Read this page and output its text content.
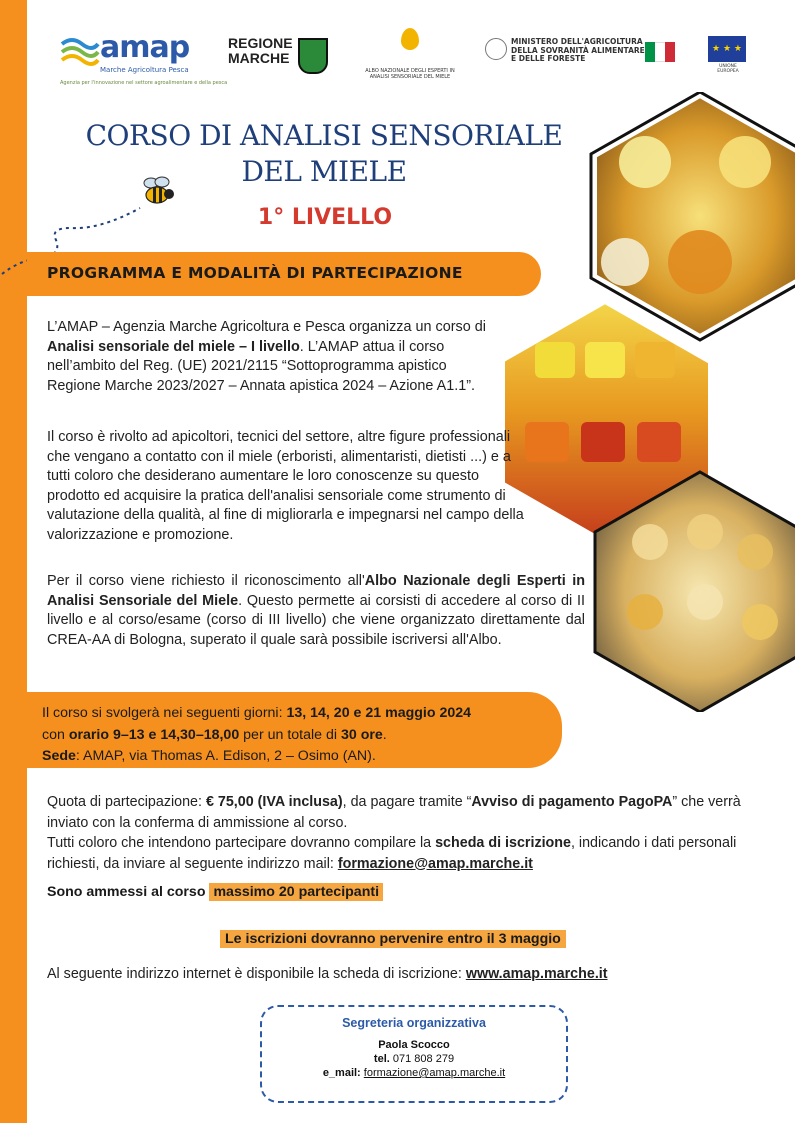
amap
Marche Agricoltura Pesca
Agenzia per l'innovazione nel settore agroalimentare e della pesca
REGIONE
MARCHE
ALBO NAZIONALE DEGLI ESPERTI IN ANALISI SENSORIALE DEL MIELE
MINISTERO DELL'AGRICOLTURA
DELLA SOVRANITÀ ALIMENTARE
E DELLE FORESTE
★ ★ ★
UNIONE EUROPEA
CORSO DI ANALISI SENSORIALE
DEL MIELE
1° LIVELLO
PROGRAMMA E MODALITÀ DI PARTECIPAZIONE
L’AMAP – Agenzia Marche Agricoltura e Pesca organizza un corso di Analisi sensoriale del miele – I livello. L’AMAP attua il corso nell’ambito del Reg. (UE) 2021/2115 “Sottoprogramma apistico Regione Marche 2023/2027 – Annata apistica 2024 – Azione A1.1”.
Il corso è rivolto ad apicoltori, tecnici del settore, altre figure professionali che vengano a contatto con il miele (erboristi, alimentaristi, dietisti ...) e a tutti coloro che desiderano aumentare le loro conoscenze su questo prodotto ed acquisire la pratica dell'analisi sensoriale come strumento di valutazione della qualità, al fine di migliorarla e impegnarsi nel campo della valorizzazione e promozione.
Per il corso viene richiesto il riconoscimento all'Albo Nazionale degli Esperti in Analisi Sensoriale del Miele. Questo permette ai corsisti di accedere al corso di II livello e al corso/esame (corso di III livello) che viene organizzato direttamente dal CREA-AA di Bologna, superato il quale sarà possibile iscriversi all'Albo.
Il corso si svolgerà nei seguenti giorni: 13, 14, 20 e 21 maggio 2024
con orario 9–13 e 14,30–18,00 per un totale di 30 ore.
Sede: AMAP, via Thomas A. Edison, 2 – Osimo (AN).
Quota di partecipazione: € 75,00 (IVA inclusa), da pagare tramite “Avviso di pagamento PagoPA” che verrà inviato con la conferma di ammissione al corso.
Tutti coloro che intendono partecipare dovranno compilare la scheda di iscrizione, indicando i dati personali richiesti, da inviare al seguente indirizzo mail: formazione@amap.marche.it
Sono ammessi al corso massimo 20 partecipanti
Le iscrizioni dovranno pervenire entro il 3 maggio
Al seguente indirizzo internet è disponibile la scheda di iscrizione: www.amap.marche.it
Segreteria organizzativa
Paola Scocco
tel. 071 808 279
e_mail: formazione@amap.marche.it
